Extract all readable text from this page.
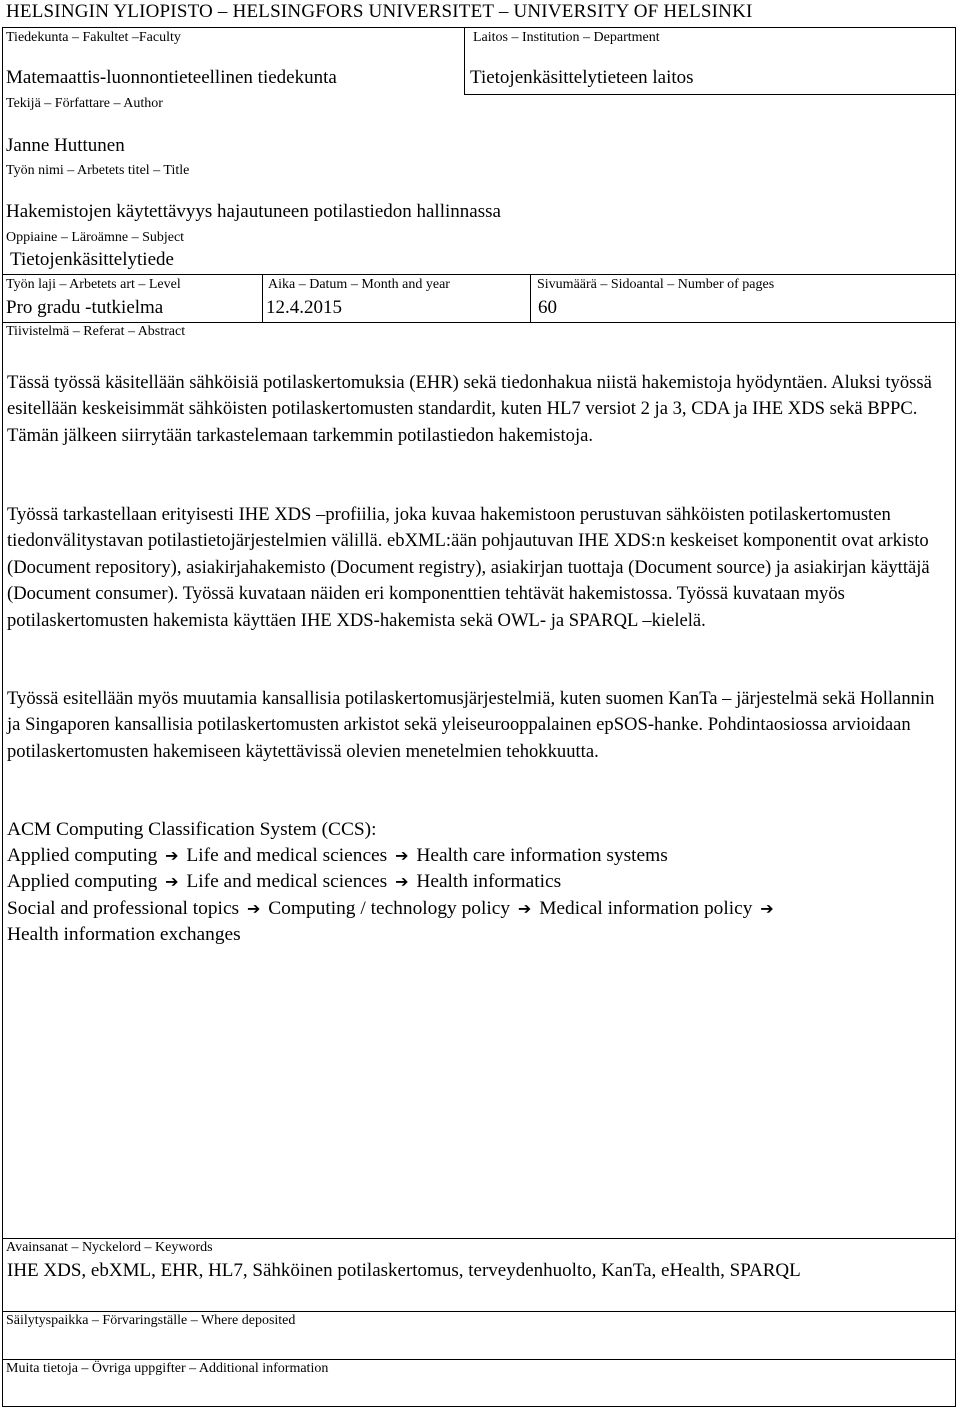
HELSINGIN YLIOPISTO – HELSINGFORS UNIVERSITET – UNIVERSITY OF HELSINKI
Tiedekunta – Fakultet –Faculty
Matemaattis-luonnontieteellinen tiedekunta
Laitos – Institution – Department
Tietojenkäsittelytieteen laitos
Tekijä – Författare – Author
Janne Huttunen
Työn nimi – Arbetets titel – Title
Hakemistojen käytettävyys hajautuneen potilastiedon hallinnassa
Oppiaine – Läroämne – Subject
Tietojenkäsittelytiede
Työn laji – Arbetets art – Level
Pro gradu -tutkielma
Aika – Datum – Month and year
12.4.2015
Sivumäärä – Sidoantal – Number of pages
60
Tiivistelmä – Referat – Abstract
Tässä työssä käsitellään sähköisiä potilaskertomuksia (EHR) sekä tiedonhakua niistä hakemistoja hyödyntäen. Aluksi työssä esitellään keskeisimmät sähköisten potilaskertomusten standardit, kuten HL7 versiot 2 ja 3, CDA ja IHE XDS sekä BPPC. Tämän jälkeen siirrytään tarkastelemaan tarkemmin potilastiedon hakemistoja.
Työssä tarkastellaan erityisesti IHE XDS –profiilia, joka kuvaa hakemistoon perustuvan sähköisten potilaskertomusten tiedonvälitystavan potilastietojärjestelmien välillä. ebXML:ään pohjautuvan IHE XDS:n keskeiset komponentit ovat arkisto (Document repository), asiakirjahakemisto (Document registry), asiakirjan tuottaja (Document source) ja asiakirjan käyttäjä (Document consumer). Työssä kuvataan näiden eri komponenttien tehtävät hakemistossa. Työssä kuvataan myös potilaskertomusten hakemista käyttäen IHE XDS-hakemista sekä OWL- ja SPARQL –kielelä.
Työssä esitellään myös muutamia kansallisia potilaskertomusjärjestelmiä, kuten suomen KanTa – järjestelmä sekä Hollannin ja Singaporen kansallisia potilaskertomusten arkistot sekä yleiseurooppalainen epSOS-hanke. Pohdintaosiossa arvioidaan potilaskertomusten hakemiseen käytettävissä olevien menetelmien tehokkuutta.
ACM Computing Classification System (CCS):
Applied computing ➔ Life and medical sciences ➔ Health care information systems
Applied computing ➔ Life and medical sciences ➔ Health informatics
Social and professional topics ➔ Computing / technology policy ➔ Medical information policy ➔
Health information exchanges
Avainsanat – Nyckelord – Keywords
IHE XDS, ebXML, EHR, HL7, Sähköinen potilaskertomus, terveydenhuolto, KanTa, eHealth, SPARQL
Säilytyspaikka – Förvaringställe – Where deposited
Muita tietoja – Övriga uppgifter – Additional information
